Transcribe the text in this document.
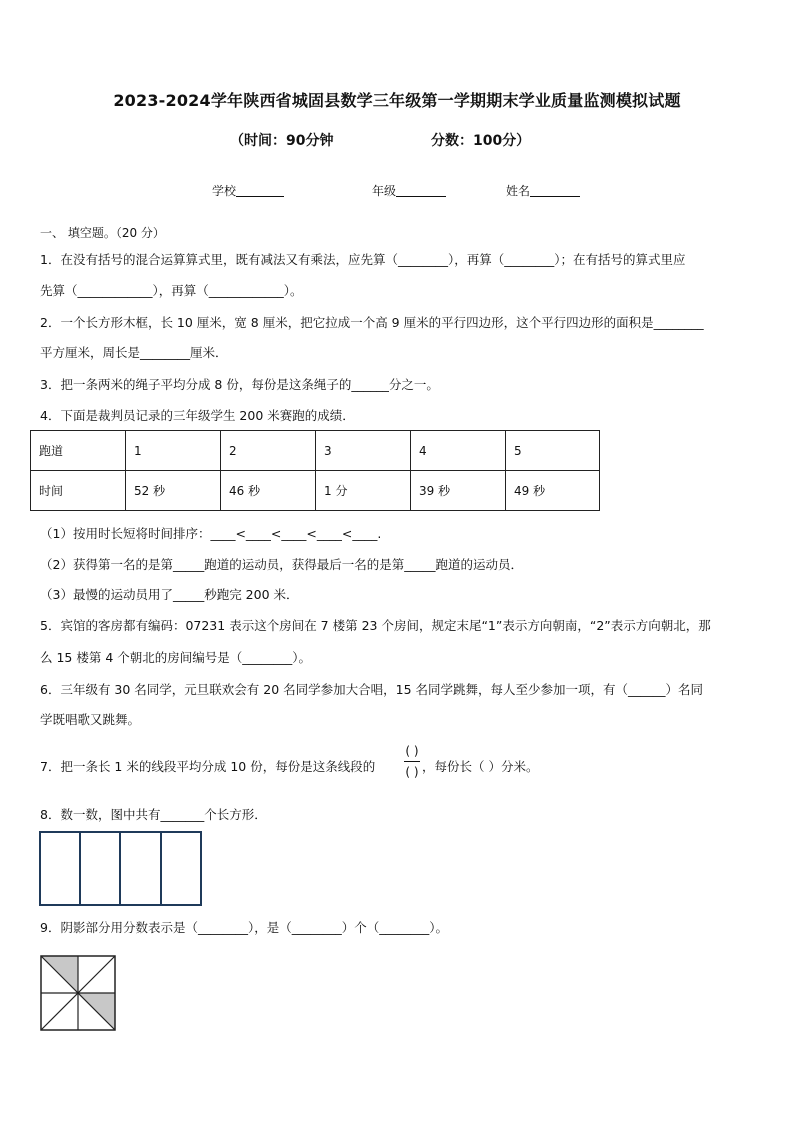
2023-2024学年陕西省城固县数学三年级第一学期期末学业质量监测模拟试题
（时间：90分钟                    分数：100分）
学校	年级	姓名
一、 填空题。（20 分）
1．在没有括号的混合运算算式里，既有减法又有乘法，应先算（________），再算（________）；在有括号的算式里应
先算（____________），再算（____________）。
2．一个长方形木框，长 10 厘米，宽 8 厘米，把它拉成一个高 9 厘米的平行四边形，这个平行四边形的面积是________
平方厘米，周长是________厘米．
3．把一条两米的绳子平均分成 8 份，每份是这条绳子的______分之一。
4．下面是裁判员记录的三年级学生 200 米赛跑的成绩．
跑道	1	2	3	4	5
时间	52 秒	46 秒	1 分	39 秒	49 秒
（1）按用时长短将时间排序：____<____<____<____<____.
（2）获得第一名的是第_____跑道的运动员，获得最后一名的是第_____跑道的运动员．
（3）最慢的运动员用了_____秒跑完 200 米．
5．宾馆的客房都有编码：07231 表示这个房间在 7 楼第 23 个房间，规定末尾“1”表示方向朝南，“2”表示方向朝北，那
么 15 楼第 4 个朝北的房间编号是（________）。
6．三年级有 30 名同学，元旦联欢会有 20 名同学参加大合唱，15 名同学跳舞，每人至少参加一项，有（______）名同
学既唱歌又跳舞。
7．把一条长 1 米的线段平均分成 10 份，每份是这条线段的
( )
( ) ，每份长（ ）分米。
8．数一数，图中共有_______个长方形．
9．阴影部分用分数表示是（________），是（________）个（________）。
